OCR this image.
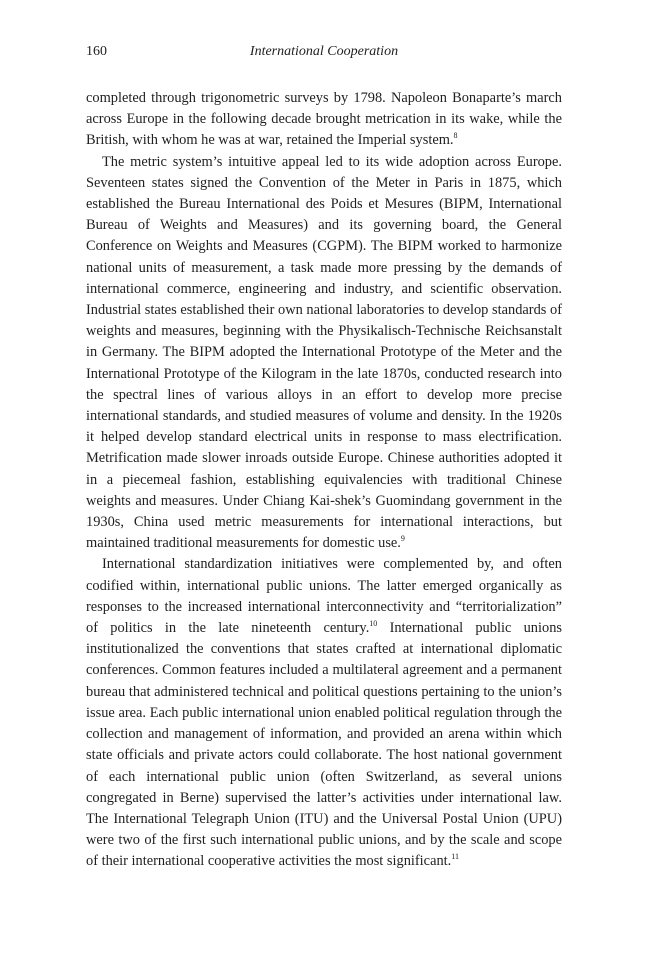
160	International Cooperation

completed through trigonometric surveys by 1798. Napoleon Bonaparte’s march across Europe in the following decade brought metrication in its wake, while the British, with whom he was at war, retained the Imperial system.$^8$

The metric system’s intuitive appeal led to its wide adoption across Europe. Seventeen states signed the Convention of the Meter in Paris in 1875, which established the Bureau International des Poids et Mesures (BIPM, International Bureau of Weights and Measures) and its governing board, the General Conference on Weights and Measures (CGPM). The BIPM worked to harmonize national units of measurement, a task made more pressing by the demands of international commerce, engineering and industry, and scientific observation. Industrial states established their own national laboratories to develop standards of weights and measures, beginning with the Physikalisch-Technische Reichsanstalt in Germany. The BIPM adopted the International Prototype of the Meter and the International Prototype of the Kilogram in the late 1870s, conducted research into the spectral lines of various alloys in an effort to develop more precise international standards, and studied measures of volume and density. In the 1920s it helped develop standard electrical units in response to mass electrification. Metrification made slower inroads outside Europe. Chinese authorities adopted it in a piecemeal fashion, establishing equivalencies with traditional Chinese weights and measures. Under Chiang Kai-shek’s Guomindang government in the 1930s, China used metric measurements for international interactions, but maintained traditional measurements for domestic use.$^9$

International standardization initiatives were complemented by, and often codified within, international public unions. The latter emerged organically as responses to the increased international interconnectivity and “territorialization” of politics in the late nineteenth century.$^{10}$ International public unions institutionalized the conventions that states crafted at international diplomatic conferences. Common features included a multilateral agreement and a permanent bureau that administered technical and political questions pertaining to the union’s issue area. Each public international union enabled political regulation through the collection and management of information, and provided an arena within which state officials and private actors could collaborate. The host national government of each international public union (often Switzerland, as several unions congregated in Berne) supervised the latter’s activities under international law. The International Telegraph Union (ITU) and the Universal Postal Union (UPU) were two of the first such international public unions, and by the scale and scope of their international cooperative activities the most significant.$^{11}$
